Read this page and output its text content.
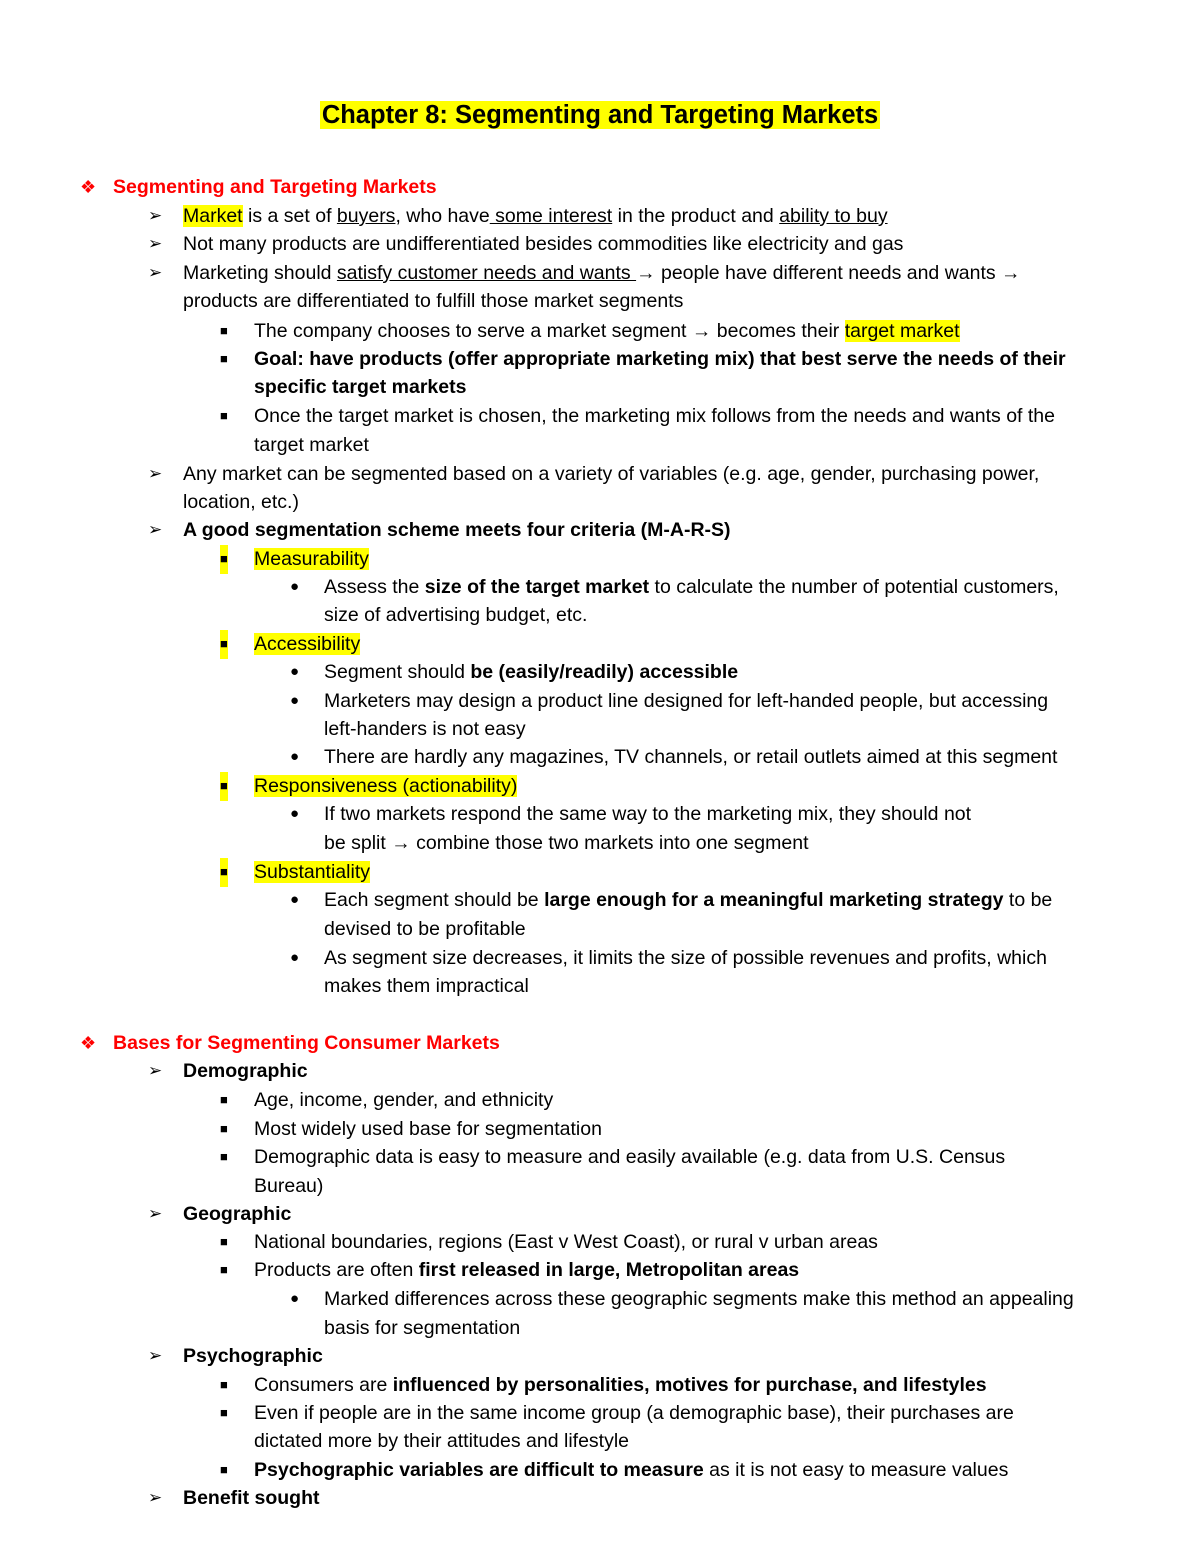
Chapter 8: Segmenting and Targeting Markets
❖ Segmenting and Targeting Markets
➢ Market is a set of buyers, who have some interest in the product and ability to buy
➢ Not many products are undifferentiated besides commodities like electricity and gas
➢ Marketing should satisfy customer needs and wants → people have different needs and wants →
products are differentiated to fulfill those market segments
■ The company chooses to serve a market segment → becomes their target market
■ Goal: have products (offer appropriate marketing mix) that best serve the needs of their
specific target markets
■ Once the target market is chosen, the marketing mix follows from the needs and wants of the
target market
➢ Any market can be segmented based on a variety of variables (e.g. age, gender, purchasing power,
location, etc.)
➢ A good segmentation scheme meets four criteria (M-A-R-S)
■ Measurability
● Assess the size of the target market to calculate the number of potential customers,
size of advertising budget, etc.
■ Accessibility
● Segment should be (easily/readily) accessible
● Marketers may design a product line designed for left-handed people, but accessing
left-handers is not easy
● There are hardly any magazines, TV channels, or retail outlets aimed at this segment
■ Responsiveness (actionability)
● If two markets respond the same way to the marketing mix, they should not
be split → combine those two markets into one segment
■ Substantiality
● Each segment should be large enough for a meaningful marketing strategy to be
devised to be profitable
● As segment size decreases, it limits the size of possible revenues and profits, which
makes them impractical
❖ Bases for Segmenting Consumer Markets
➢ Demographic
■ Age, income, gender, and ethnicity
■ Most widely used base for segmentation
■ Demographic data is easy to measure and easily available (e.g. data from U.S. Census
Bureau)
➢ Geographic
■ National boundaries, regions (East v West Coast), or rural v urban areas
■ Products are often first released in large, Metropolitan areas
● Marked differences across these geographic segments make this method an appealing
basis for segmentation
➢ Psychographic
■ Consumers are influenced by personalities, motives for purchase, and lifestyles
■ Even if people are in the same income group (a demographic base), their purchases are
dictated more by their attitudes and lifestyle
■ Psychographic variables are difficult to measure as it is not easy to measure values
➢ Benefit sought
